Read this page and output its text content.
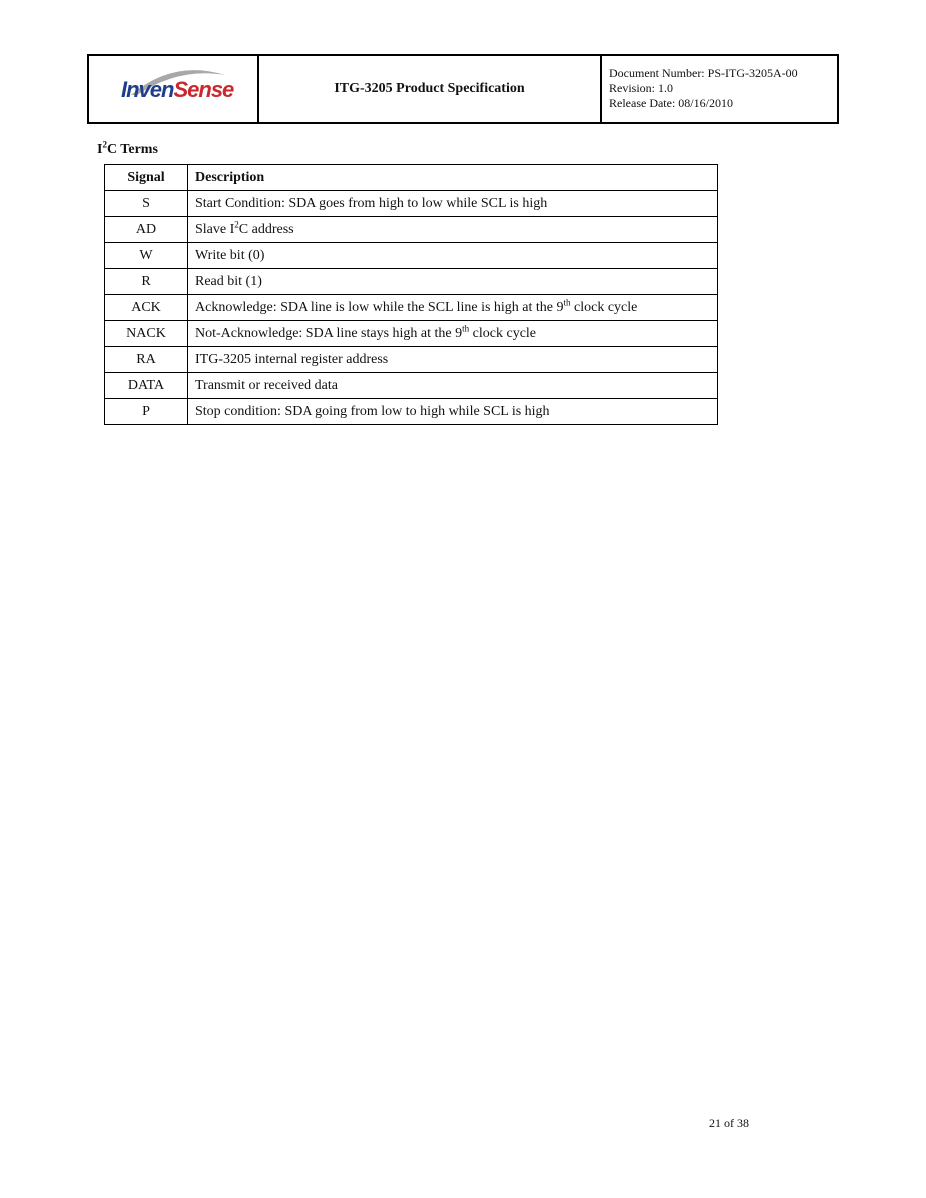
InvenSense	ITG-3205 Product Specification
Document Number: PS-ITG-3205A-00
Revision: 1.0
Release Date: 08/16/2010
$I^2C$ Terms
Signal	Description
S	Start Condition: SDA goes from high to low while SCL is high
AD	Slave $I^2C$ address
W	Write bit (0)
R	Read bit (1)
ACK	Acknowledge: SDA line is low while the SCL line is high at the 9th clock cycle
NACK	Not-Acknowledge: SDA line stays high at the 9th clock cycle
RA	ITG-3205 internal register address
DATA	Transmit or received data
P	Stop condition: SDA going from low to high while SCL is high
21 of 38
